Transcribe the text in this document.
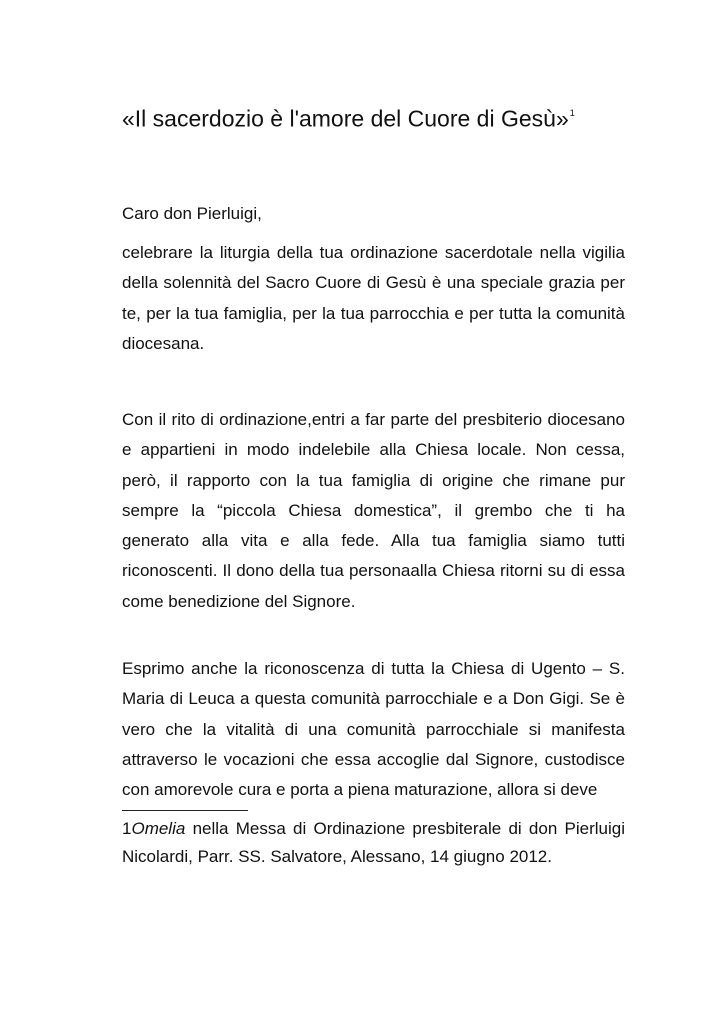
«Il sacerdozio è l'amore del Cuore di Gesù»$^1$
Caro don Pierluigi,

celebrare la liturgia della tua ordinazione sacerdotale nella vigilia della solennità del Sacro Cuore di Gesù è una speciale grazia per te, per la tua famiglia, per la tua parrocchia e per tutta la comunità diocesana.

Con il rito di ordinazione,entri a far parte del presbiterio diocesano e appartieni in modo indelebile alla Chiesa locale. Non cessa, però, il rapporto con la tua famiglia di origine che rimane pur sempre la “piccola Chiesa domestica”, il grembo che ti ha generato alla vita e alla fede. Alla tua famiglia siamo tutti riconoscenti. Il dono della tua personaalla Chiesa ritorni su di essa come benedizione del Signore.

Esprimo anche la riconoscenza di tutta la Chiesa di Ugento – S. Maria di Leuca a questa comunità parrocchiale e a Don Gigi. Se è vero che la vitalità di una comunità parrocchiale si manifesta attraverso le vocazioni che essa accoglie dal Signore, custodisce con amorevole cura e porta a piena maturazione, allora si deve

1Omelia nella Messa di Ordinazione presbiterale di don Pierluigi Nicolardi, Parr. SS. Salvatore, Alessano, 14 giugno 2012.
